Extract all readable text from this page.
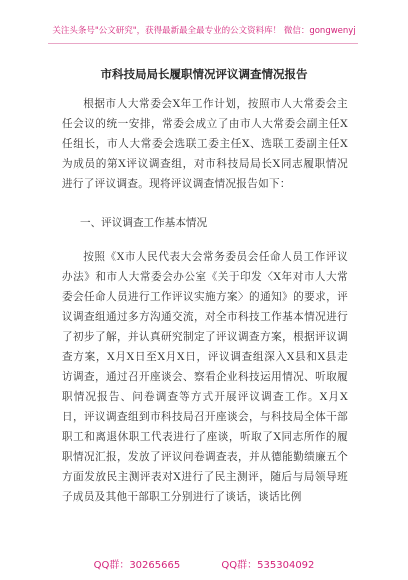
关注头条号"公文研究"，获得最新最全最专业的公文资料库！ 微信：gongwenyj
市科技局局长履职情况评议调查情况报告
根据市人大常委会X年工作计划，按照市人大常委会主任会议的统一安排，常委会成立了由市人大常委会副主任X任组长，市人大常委会选联工委主任X、选联工委副主任X为成员的第X评议调查组，对市科技局局长X同志履职情况进行了评议调查。现将评议调查情况报告如下：
一、评议调查工作基本情况
按照《X市人民代表大会常务委员会任命人员工作评议办法》和市人大常委会办公室《关于印发〈X年对市人大常委会任命人员进行工作评议实施方案〉的通知》的要求，评议调查组通过多方沟通交流，对全市科技工作基本情况进行了初步了解，并认真研究制定了评议调查方案，根据评议调查方案，X月X日至X月X日，评议调查组深入X县和X县走访调查，通过召开座谈会、察看企业科技运用情况、听取履职情况报告、问卷调查等方式开展评议调查工作。X月X日，评议调查组到市科技局召开座谈会，与科技局全体干部职工和离退休职工代表进行了座谈，听取了X同志所作的履职情况汇报，发放了评议问卷调查表，并从德能勤绩廉五个方面发放民主测评表对X进行了民主测评，随后与局领导班子成员及其他干部职工分别进行了谈话，谈话比例
QQ群：30265665	QQ群：535304092
